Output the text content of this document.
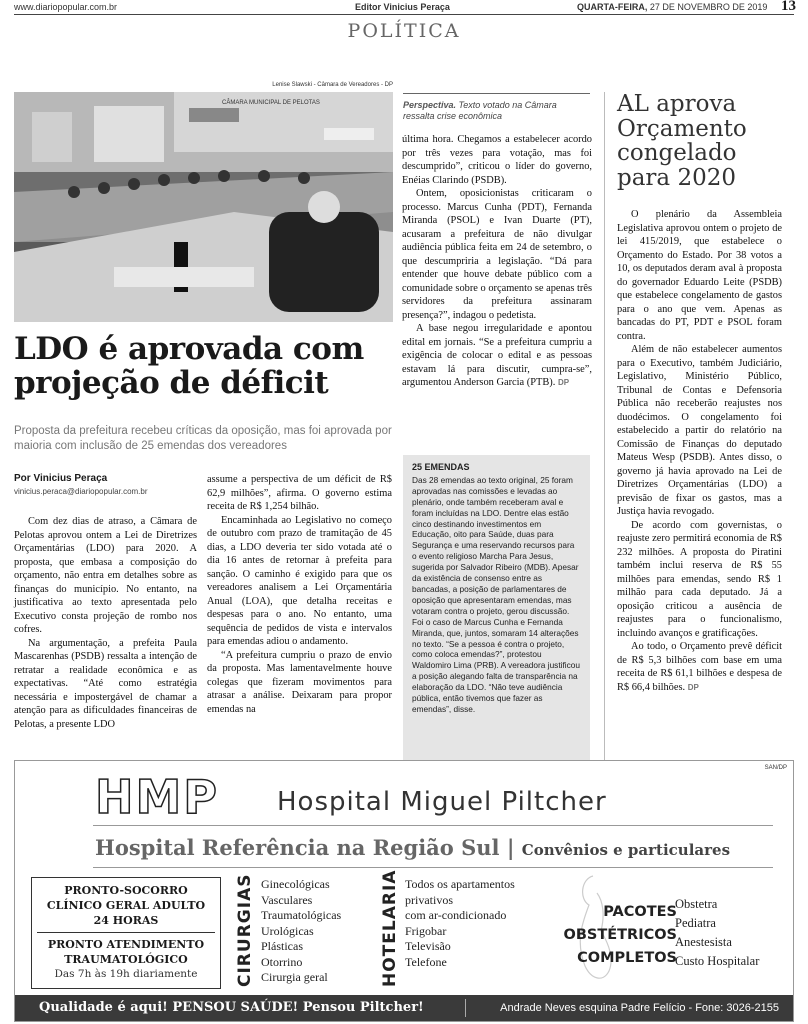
www.diariopopular.com.br	Editor Vinicius Peraça	QUARTA-FEIRA, 27 DE NOVEMBRO DE 2019 13
POLÍTICA
Lenise Slawski - Câmara de Vereadores - DP
CÂMARA MUNICIPAL DE PELOTAS
LDO é aprovada com
projeção de déficit
Proposta da prefeitura recebeu críticas da oposição, mas foi aprovada por maioria com inclusão de 25 emendas dos vereadores
Por Vinicius Peraça
vinicius.peraca@diariopopular.com.br

Com dez dias de atraso, a Câmara de Pelotas aprovou ontem a Lei de Diretrizes Orçamentárias (LDO) para 2020. A proposta, que embasa a composição do orçamento, não entra em detalhes sobre as finanças do município. No entanto, na justificativa ao texto apresentada pelo Executivo consta projeção de rombo nos cofres.

Na argumentação, a prefeita Paula Mascarenhas (PSDB) ressalta a intenção de retratar a realidade econômica e as expectativas. “Até como estratégia necessária e impostergável de chamar a atenção para as dificuldades financeiras de Pelotas, a presente LDO

assume a perspectiva de um déficit de R$ 62,9 milhões”, afirma. O governo estima receita de R$ 1,254 bilhão.

Encaminhada ao Legislativo no começo de outubro com prazo de tramitação de 45 dias, a LDO deveria ter sido votada até o dia 16 antes de retornar à prefeita para sanção. O caminho é exigido para que os vereadores analisem a Lei Orçamentária Anual (LOA), que detalha receitas e despesas para o ano. No entanto, uma sequência de pedidos de vista e intervalos para emendas adiou o andamento.

“A prefeitura cumpriu o prazo de envio da proposta. Mas lamentavelmente houve colegas que fizeram movimentos para atrasar a análise. Deixaram para propor emendas na

Perspectiva. Texto votado na Câmara ressalta crise econômica

última hora. Chegamos a estabelecer acordo por três vezes para votação, mas foi descumprido”, criticou o líder do governo, Enéias Clarindo (PSDB).

Ontem, oposicionistas criticaram o processo. Marcus Cunha (PDT), Fernanda Miranda (PSOL) e Ivan Duarte (PT), acusaram a prefeitura de não divulgar audiência pública feita em 24 de setembro, o que descumpriria a legislação. “Dá para entender que houve debate público com a comunidade sobre o orçamento se apenas três servidores da prefeitura assinaram presença?”, indagou o pedetista.

A base negou irregularidade e apontou edital em jornais. “Se a prefeitura cumpriu a exigência de colocar o edital e as pessoas estavam lá para discutir, cumpra-se”, argumentou Anderson Garcia (PTB). DP

25 EMENDAS
Das 28 emendas ao texto original, 25 foram aprovadas nas comissões e levadas ao plenário, onde também receberam aval e foram incluídas na LDO. Dentre elas estão cinco destinando investimentos em Educação, oito para Saúde, duas para Segurança e uma reservando recursos para o evento religioso Marcha Para Jesus, sugerida por Salvador Ribeiro (MDB). Apesar da existência de consenso entre as bancadas, a posição de parlamentares de oposição que apresentaram emendas, mas votaram contra o projeto, gerou discussão. Foi o caso de Marcus Cunha e Fernanda Miranda, que, juntos, somaram 14 alterações no texto. “Se a pessoa é contra o projeto, como coloca emendas?”, protestou Waldomiro Lima (PRB). A vereadora justificou a posição alegando falta de transparência na elaboração da LDO. “Não teve audiência pública, então tivemos que fazer as emendas”, disse.
AL aprova Orçamento congelado para 2020

O plenário da Assembleia Legislativa aprovou ontem o projeto de lei 415/2019, que estabelece o Orçamento do Estado. Por 38 votos a 10, os deputados deram aval à proposta do governador Eduardo Leite (PSDB) que estabelece congelamento de gastos para o ano que vem. Apenas as bancadas do PT, PDT e PSOL foram contra.

Além de não estabelecer aumentos para o Executivo, também Judiciário, Legislativo, Ministério Público, Tribunal de Contas e Defensoria Pública não receberão reajustes nos duodécimos. O congelamento foi estabelecido a partir do relatório na Comissão de Finanças do deputado Mateus Wesp (PSDB). Antes disso, o governo já havia aprovado na Lei de Diretrizes Orçamentárias (LDO) a previsão de fixar os gastos, mas a Justiça havia revogado.

De acordo com governistas, o reajuste zero permitirá economia de R$ 232 milhões. A proposta do Piratini também inclui reserva de R$ 55 milhões para emendas, sendo R$ 1 milhão para cada deputado. Já a oposição criticou a ausência de reajustes para o funcionalismo, incluindo avanços e gratificações.

Ao todo, o Orçamento prevê déficit de R$ 5,3 bilhões com base em uma receita de R$ 61,1 bilhões e despesa de R$ 66,4 bilhões. DP

SAN/DP
HMP Hospital Miguel Piltcher
Hospital Referência na Região Sul | Convênios e particulares
PRONTO-SOCORRO
CLÍNICO GERAL ADULTO
24 HORAS
PRONTO ATENDIMENTO
TRAUMATOLÓGICO
Das 7h às 19h diariamente	CIRURGIAS Ginecológicas
Vasculares
Traumatológicas
Urológicas
Plásticas
Otorrino
Cirurgia geral	HOTELARIA Todos os apartamentos
privativos
com ar-condicionado
Frigobar
Televisão
Telefone
PACOTES
OBSTÉTRICOS
COMPLETOS
Obstetra
Pediatra
Anestesista
Custo Hospitalar
Qualidade é aqui! PENSOU SAÚDE! Pensou Piltcher!	Andrade Neves esquina Padre Felício - Fone: 3026-2155
